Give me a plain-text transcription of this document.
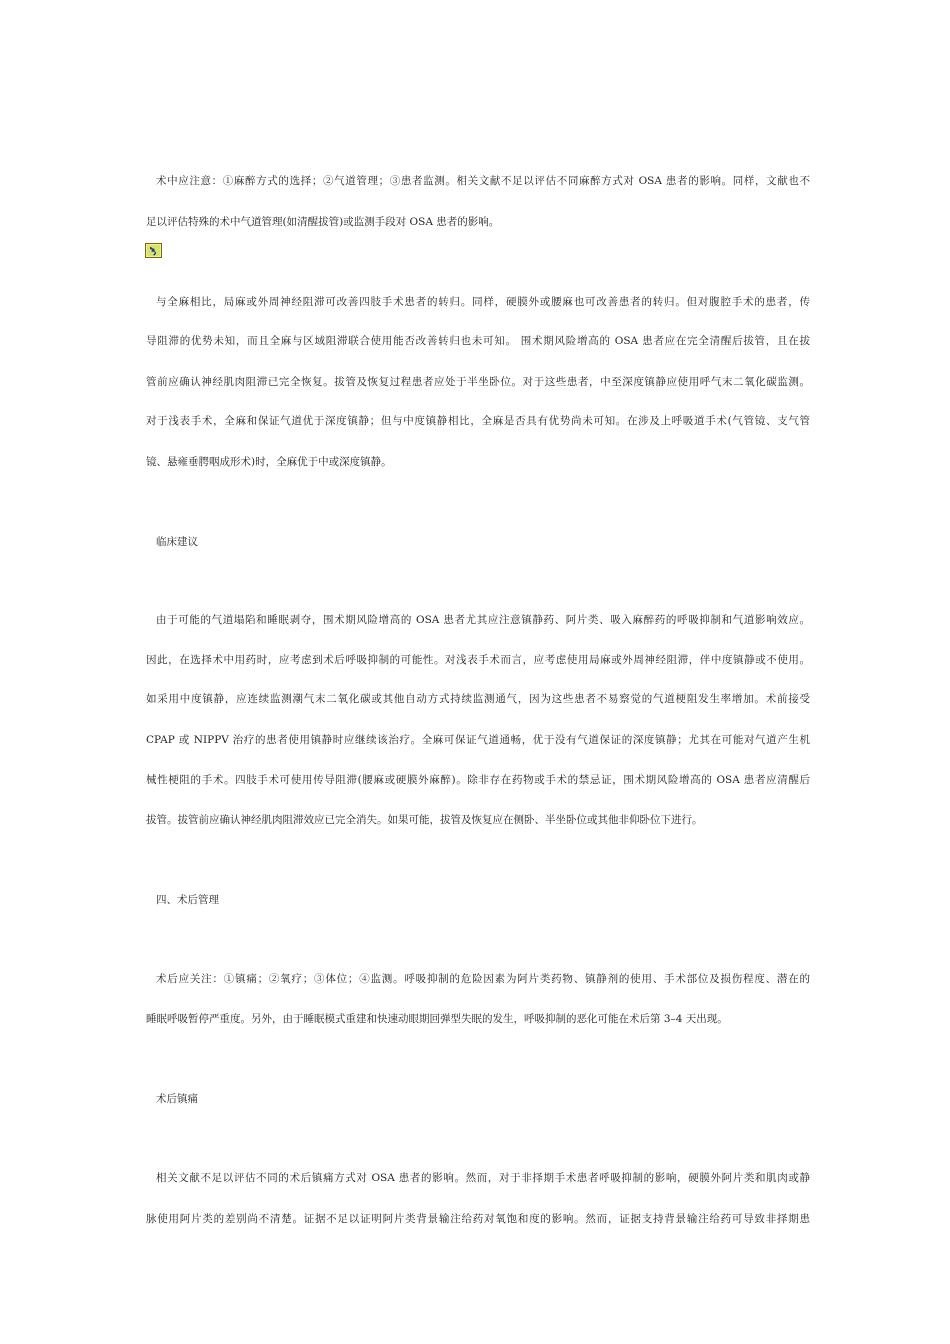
术中应注意：①麻醉方式的选择；②气道管理；③患者监测。相关文献不足以评估不同麻醉方式对 OSA 患者的影响。同样，文献也不
足以评估特殊的术中气道管理(如清醒拔管)或监测手段对 OSA 患者的影响。
与全麻相比，局麻或外周神经阻滞可改善四肢手术患者的转归。同样，硬膜外或腰麻也可改善患者的转归。但对腹腔手术的患者，传
导阻滞的优势未知，而且全麻与区域阻滞联合使用能否改善转归也未可知。 围术期风险增高的 OSA 患者应在完全清醒后拔管，且在拔
管前应确认神经肌肉阻滞已完全恢复。拔管及恢复过程患者应处于半坐卧位。对于这些患者，中至深度镇静应使用呼气末二氧化碳监测。
对于浅表手术，全麻和保证气道优于深度镇静；但与中度镇静相比，全麻是否具有优势尚未可知。在涉及上呼吸道手术(气管镜、支气管
镜、悬雍垂腭咽成形术)时，全麻优于中或深度镇静。
临床建议
由于可能的气道塌陷和睡眠剥夺，围术期风险增高的 OSA 患者尤其应注意镇静药、阿片类、吸入麻醉药的呼吸抑制和气道影响效应。
因此，在选择术中用药时，应考虑到术后呼吸抑制的可能性。对浅表手术而言，应考虑使用局麻或外周神经阻滞，伴中度镇静或不使用。
如采用中度镇静，应连续监测潮气末二氧化碳或其他自动方式持续监测通气，因为这些患者不易察觉的气道梗阻发生率增加。术前接受
CPAP 或 NIPPV 治疗的患者使用镇静时应继续该治疗。全麻可保证气道通畅，优于没有气道保证的深度镇静；尤其在可能对气道产生机
械性梗阻的手术。四肢手术可使用传导阻滞(腰麻或硬膜外麻醉)。除非存在药物或手术的禁忌证，围术期风险增高的 OSA 患者应清醒后
拔管。拔管前应确认神经肌肉阻滞效应已完全消失。如果可能，拔管及恢复应在侧卧、半坐卧位或其他非仰卧位下进行。
四、术后管理
术后应关注：①镇痛；②氧疗；③体位；④监测。呼吸抑制的危险因素为阿片类药物、镇静剂的使用、手术部位及损伤程度、潜在的
睡眠呼吸暂停严重度。另外，由于睡眠模式重建和快速动眼期回弹型失眠的发生，呼吸抑制的恶化可能在术后第 3–4 天出现。
术后镇痛
相关文献不足以评估不同的术后镇痛方式对 OSA 患者的影响。然而，对于非择期手术患者呼吸抑制的影响，硬膜外阿片类和肌肉或静
脉使用阿片类的差别尚不清楚。证据不足以证明阿片类背景输注给药对氧饱和度的影响。然而，证据支持背景输注给药可导致非择期患
